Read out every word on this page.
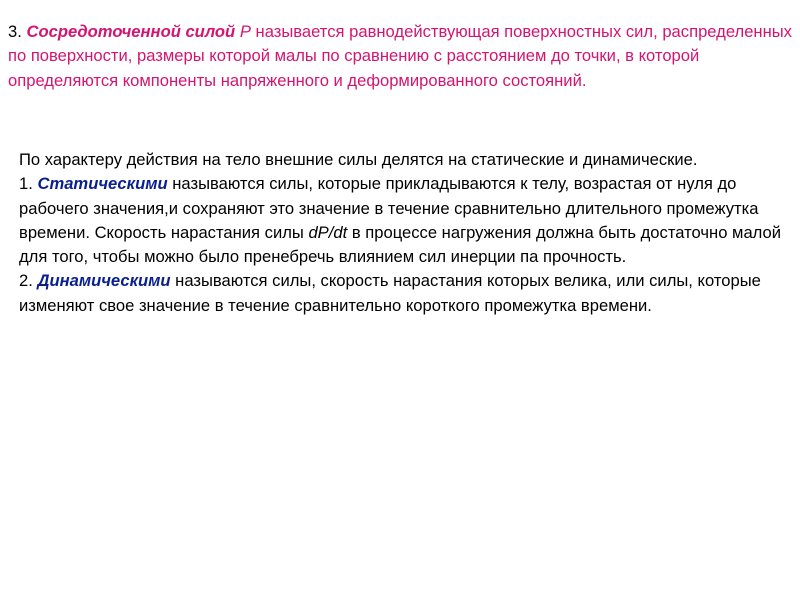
3. Сосредоточенной силой P называется равнодействующая поверхностных сил, распределенных по поверхности, размеры которой малы по сравнению с расстоянием до точки, в которой определяются компоненты напряженного и деформированного состояний.

По характеру действия на тело внешние силы делятся на статические и динамические.
1. Статическими называются силы, которые прикладываются к телу, возрастая от нуля до рабочего значения,и сохраняют это значение в течение сравнительно длительного промежутка времени. Скорость нарастания силы dP/dt в процессе нагружения должна быть достаточно малой для того, чтобы можно было пренебречь влиянием сил инерции па прочность.
2. Динамическими называются силы, скорость нарастания которых велика, или силы, которые изменяют свое значение в течение сравнительно короткого промежутка времени.
